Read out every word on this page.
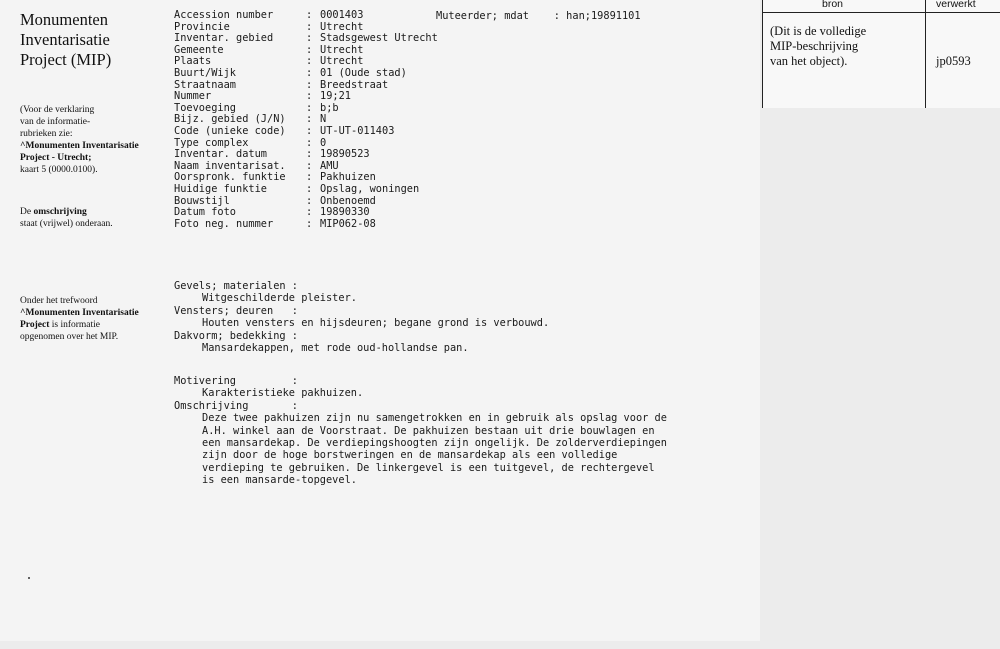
Monumenten
Inventarisatie
Project (MIP)

(Voor de verklaring
van de informatie-
rubrieken zie:
^Monumenten Inventarisatie
Project - Utrecht;
kaart 5 (0000.0100).
De omschrijving
staat (vrijwel) onderaan.
Onder het trefwoord
^Monumenten Inventarisatie
Project is informatie
opgenomen over het MIP.
Muteerder; mdat    : han;19891101
Accession number	: 0001403
Provincie	: Utrecht
Inventar. gebied	: Stadsgewest Utrecht
Gemeente	: Utrecht
Plaats	: Utrecht
Buurt/Wijk	: 01 (Oude stad)
Straatnaam	: Breedstraat
Nummer	: 19;21
Toevoeging	: b;b
Bijz. gebied (J/N)	: N
Code (unieke code)	: UT-UT-011403
Type complex	: 0
Inventar. datum	: 19890523
Naam inventarisat.	: AMU
Oorspronk. funktie	: Pakhuizen
Huidige funktie	: Opslag, woningen
Bouwstijl	: Onbenoemd
Datum foto	: 19890330
Foto neg. nummer	: MIP062-08
Gevels; materialen :
Witgeschilderde pleister.
Vensters; deuren   :
Houten vensters en hijsdeuren; begane grond is verbouwd.
Dakvorm; bedekking :
Mansardekappen, met rode oud-hollandse pan.
Motivering         :
Karakteristieke pakhuizen.
Omschrijving       :
Deze twee pakhuizen zijn nu samengetrokken en in gebruik als opslag voor de
A.H. winkel aan de Voorstraat. De pakhuizen bestaan uit drie bouwlagen en
een mansardekap. De verdiepingshoogten zijn ongelijk. De zolderverdiepingen
zijn door de hoge borstweringen en de mansardekap als een volledige
verdieping te gebruiken. De linkergevel is een tuitgevel, de rechtergevel
is een mansarde-topgevel.
bron	verwerkt
(Dit is de volledige
MIP-beschrijving
van het object).	jp0593
